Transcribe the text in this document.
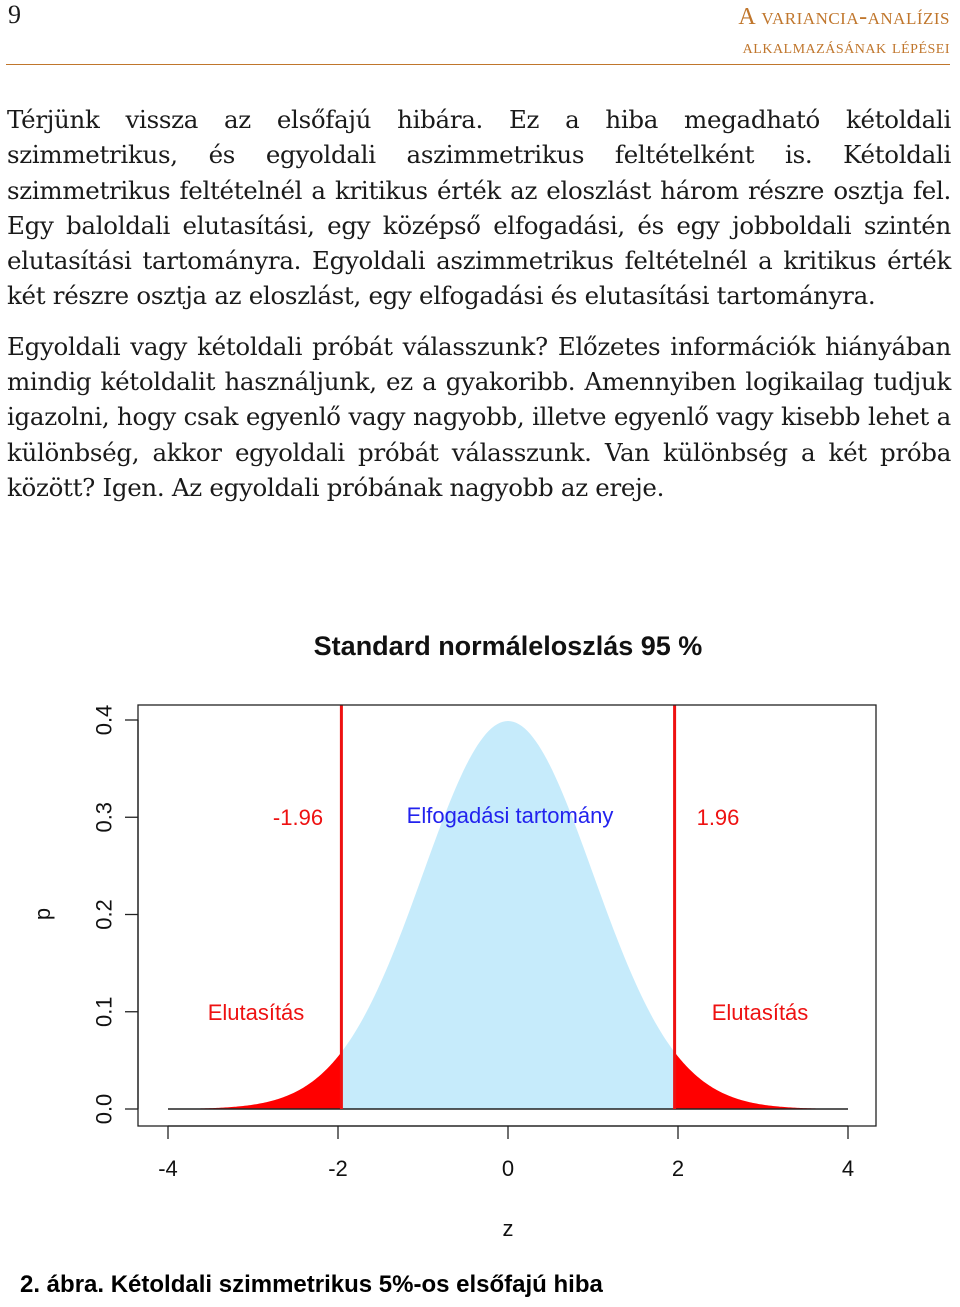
9	A variancia-analízis
alkalmazásának lépései

Térjünk vissza az elsőfajú hibára. Ez a hiba megadható kétoldali szimmetrikus, és egyoldali aszimmetrikus feltételként is. Kétoldali szimmetrikus feltételnél a kritikus érték az eloszlást három részre osztja fel. Egy baloldali elutasítási, egy középső elfogadási, és egy jobboldali szintén elutasítási tartományra. Egyoldali aszimmetrikus feltételnél a kritikus érték két részre osztja az eloszlást, egy elfogadási és elutasítási tartományra.

Egyoldali vagy kétoldali próbát válasszunk? Előzetes információk hiányában mindig kétoldalit használjunk, ez a gyakoribb. Amennyiben logikailag tudjuk igazolni, hogy csak egyenlő vagy nagyobb, illetve egyenlő vagy kisebb lehet a különbség, akkor egyoldali próbát válasszunk. Van különbség a két próba között? Igen. Az egyoldali próbának nagyobb az ereje.

Standard normáleloszlás 95 %
-4	-2	0	2	4
0.0
0.1
0.2
0.3
0.4
-1.96	1.96
Elfogadási tartomány
Elutasítás	Elutasítás
z
p
2. ábra. Kétoldali szimmetrikus 5%-os elsőfajú hiba
